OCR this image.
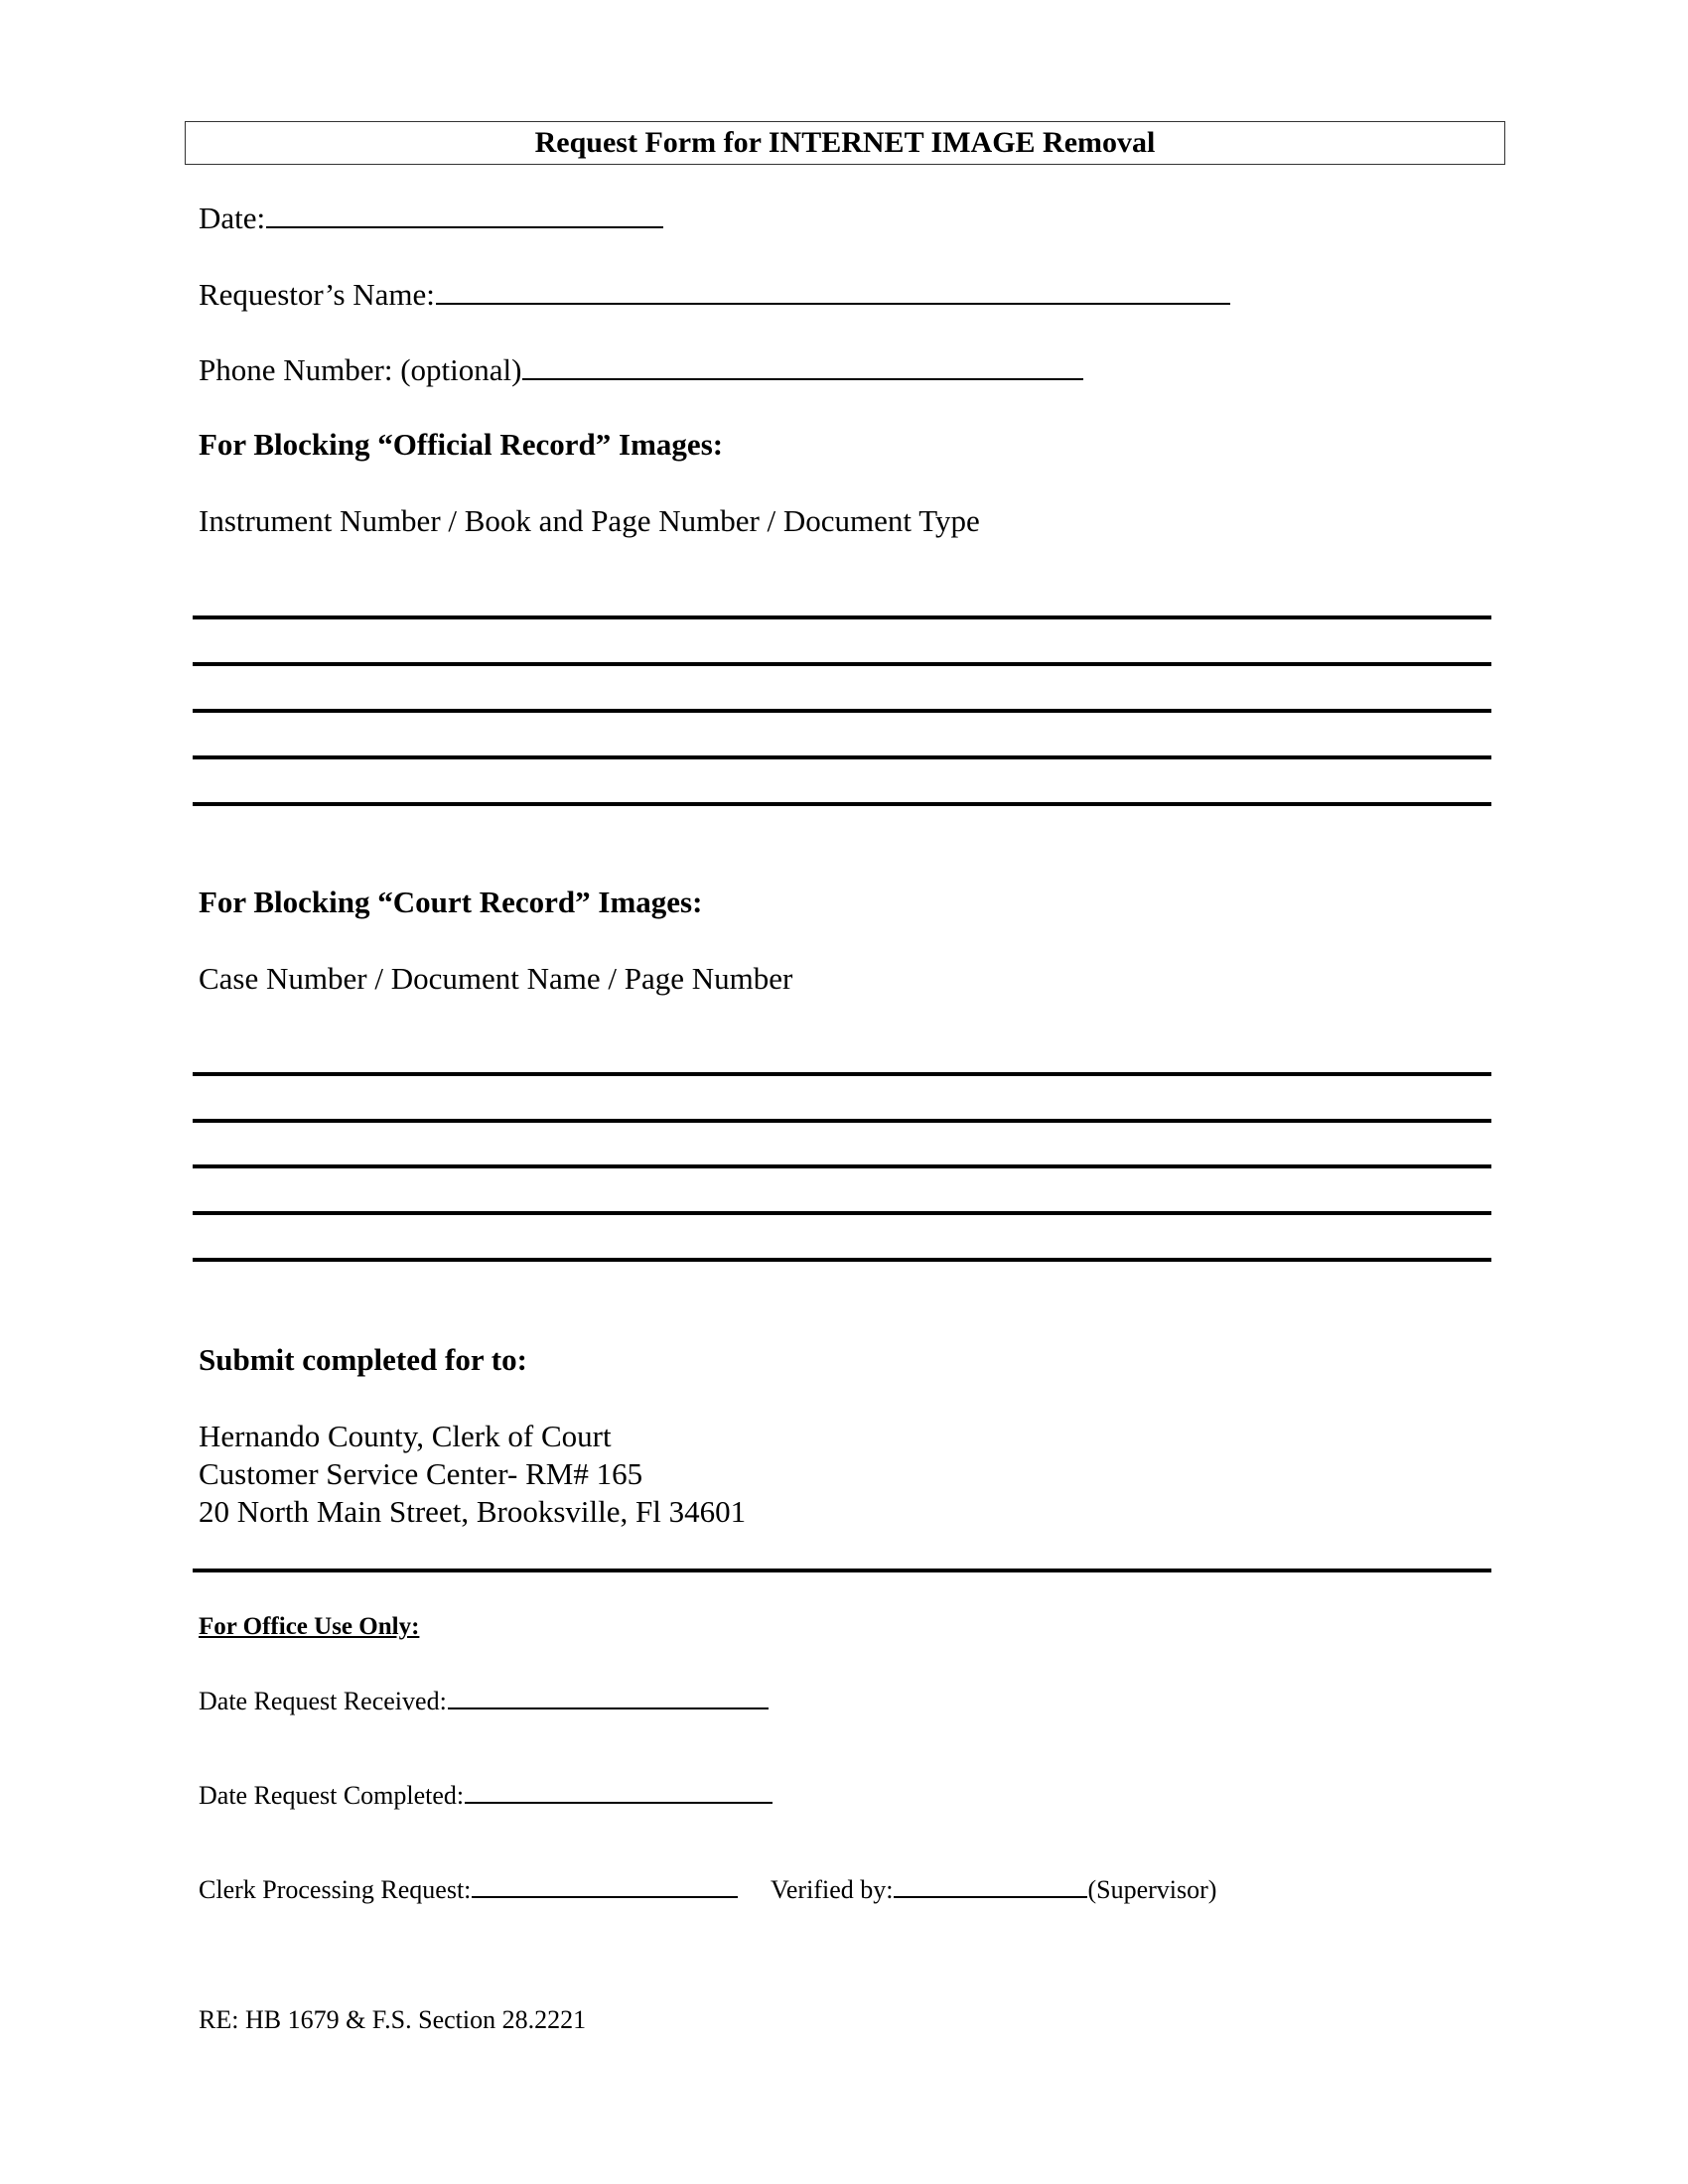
Request Form for INTERNET IMAGE Removal
Date:
Requestor’s Name:
Phone Number: (optional)
For Blocking “Official Record” Images:
Instrument Number / Book and Page Number / Document Type
For Blocking “Court Record” Images:
Case Number / Document Name / Page Number
Submit completed for to:
Hernando County, Clerk of Court
Customer Service Center- RM# 165
20 North Main Street, Brooksville, Fl 34601
For Office Use Only:
Date Request Received:
Date Request Completed:
Clerk Processing Request:	Verified by:	(Supervisor)
RE: HB 1679 & F.S. Section 28.2221
